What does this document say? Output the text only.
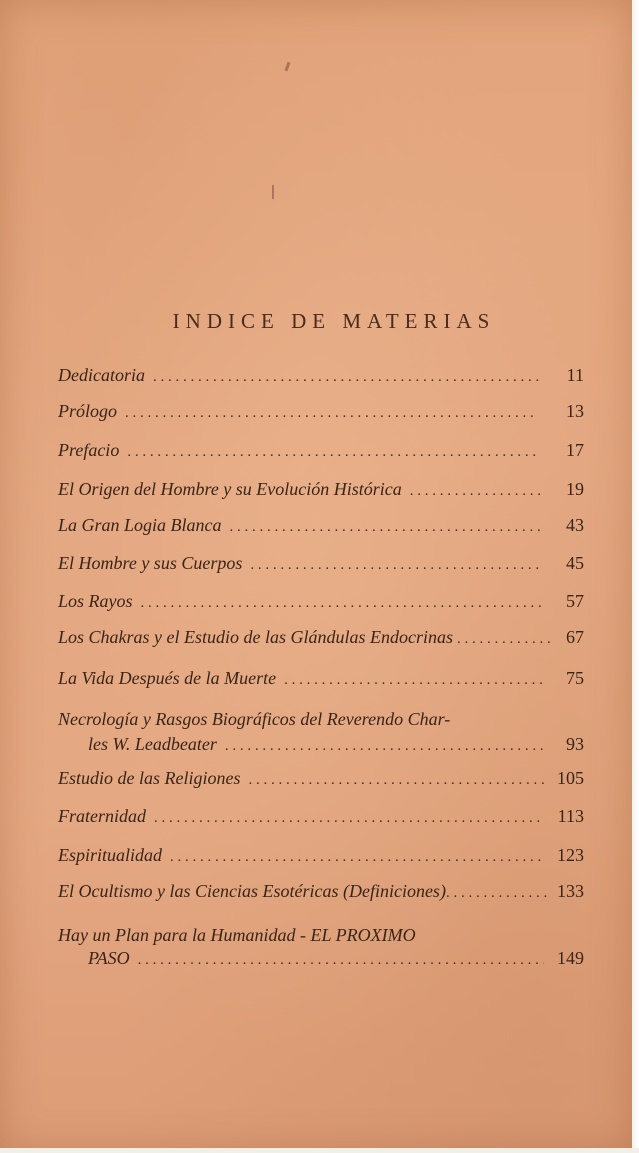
INDICE DE MATERIAS
Dedicatoria . . .	11
Prólogo . . .	13
Prefacio . . .	17
El Origen del Hombre y su Evolución Histórica . . .	19
La Gran Logia Blanca . . .	43
El Hombre y sus Cuerpos . . .	45
Los Rayos . . .	57
Los Chakras y el Estudio de las Glándulas Endocrinas . . .	67
La Vida Después de la Muerte . . .	75
Necrología y Rasgos Biográficos del Reverendo Char-
les W. Leadbeater . . .	93
Estudio de las Religiones . . .	105
Fraternidad . . .	113
Espiritualidad . . .	123
El Ocultismo y las Ciencias Esotéricas (Definiciones) . . .	133
Hay un Plan para la Humanidad - EL PROXIMO
PASO . . .	149
